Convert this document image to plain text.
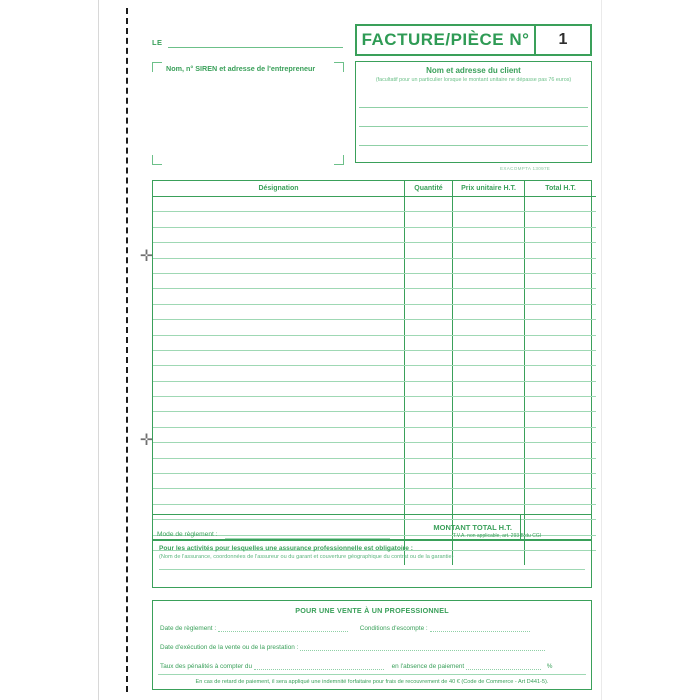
✛
✛
LE
Nom, n° SIREN et adresse de l'entrepreneur
FACTURE/PIÈCE N°	1
Nom et adresse du client
(facultatif pour un particulier lorsque le montant unitaire ne dépasse pas 76 euros)
EXACOMPTA 13097E
Désignation	Quantité	Prix unitaire H.T.	Total H.T.

MONTANT TOTAL H.T.
Mode de règlement :	T.V.A. non applicable, art. 293 B du CGI
Pour les activités pour lesquelles une assurance professionnelle est obligatoire :
(Nom de l'assurance, coordonnées de l'assureur ou du garant et couverture géographique du contrat ou de la garantie)
POUR UNE VENTE À UN PROFESSIONNEL
Date de règlement :	Conditions d'escompte :
Date d'exécution de la vente ou de la prestation :
Taux des pénalités à compter du	en l'absence de paiement	%
En cas de retard de paiement, il sera appliqué une indemnité forfaitaire pour frais de recouvrement de 40 € (Code de Commerce - Art D441-5).
